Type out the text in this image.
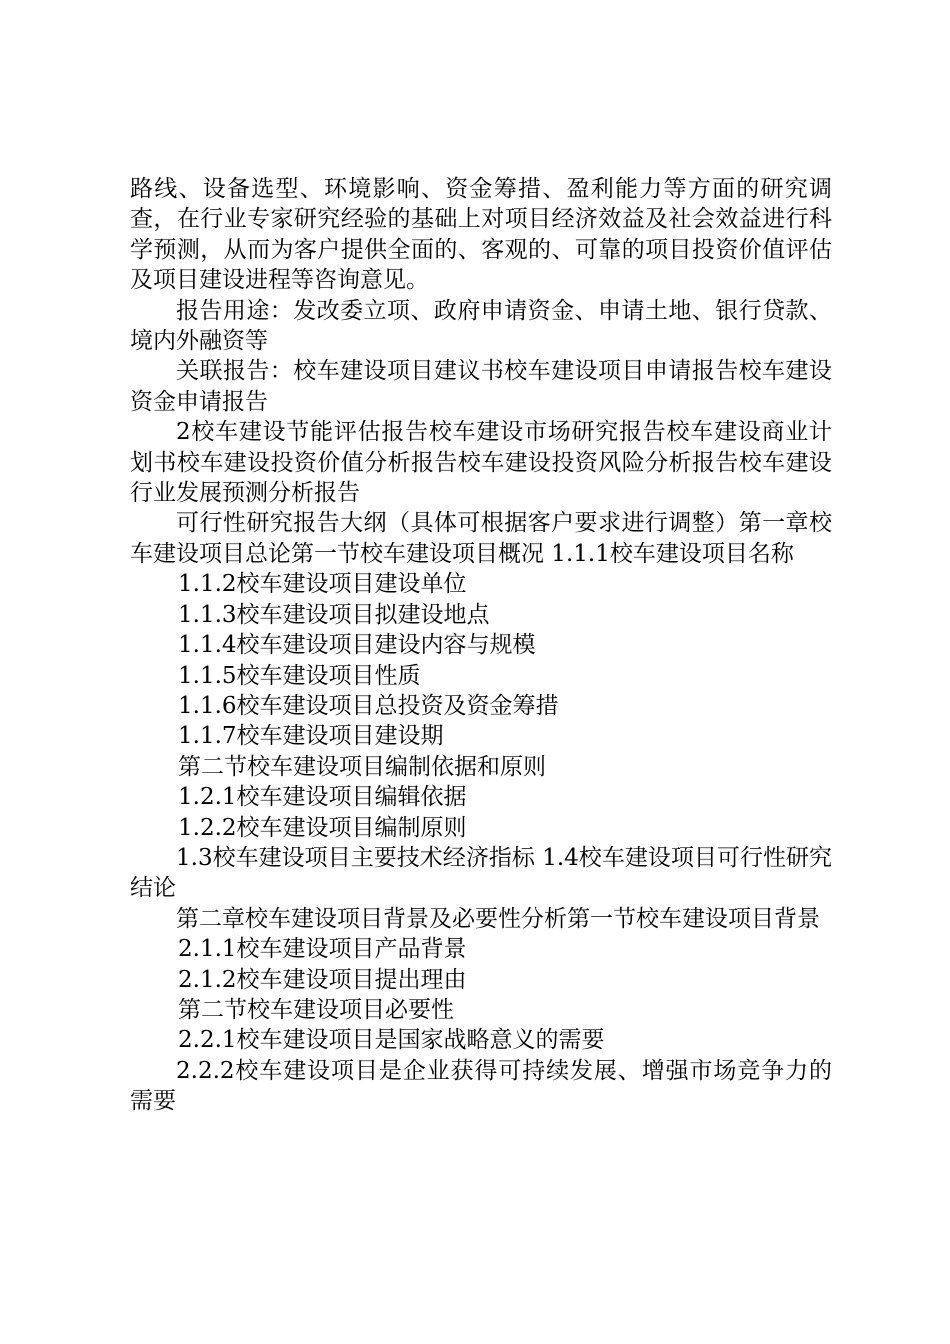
路线、设备选型、环境影响、资金筹措、盈利能力等方面的研究调查，在行业专家研究经验的基础上对项目经济效益及社会效益进行科学预测，从而为客户提供全面的、客观的、可靠的项目投资价值评估及项目建设进程等咨询意见。

报告用途：发改委立项、政府申请资金、申请土地、银行贷款、境内外融资等

关联报告：校车建设项目建议书校车建设项目申请报告校车建设资金申请报告

2校车建设节能评估报告校车建设市场研究报告校车建设商业计划书校车建设投资价值分析报告校车建设投资风险分析报告校车建设行业发展预测分析报告

可行性研究报告大纲（具体可根据客户要求进行调整）第一章校车建设项目总论第一节校车建设项目概况 1.1.1校车建设项目名称

1.1.2校车建设项目建设单位

1.1.3校车建设项目拟建设地点

1.1.4校车建设项目建设内容与规模

1.1.5校车建设项目性质

1.1.6校车建设项目总投资及资金筹措

1.1.7校车建设项目建设期

第二节校车建设项目编制依据和原则

1.2.1校车建设项目编辑依据

1.2.2校车建设项目编制原则

1.3校车建设项目主要技术经济指标 1.4校车建设项目可行性研究结论

第二章校车建设项目背景及必要性分析第一节校车建设项目背景

2.1.1校车建设项目产品背景

2.1.2校车建设项目提出理由

第二节校车建设项目必要性

2.2.1校车建设项目是国家战略意义的需要

2.2.2校车建设项目是企业获得可持续发展、增强市场竞争力的需要
